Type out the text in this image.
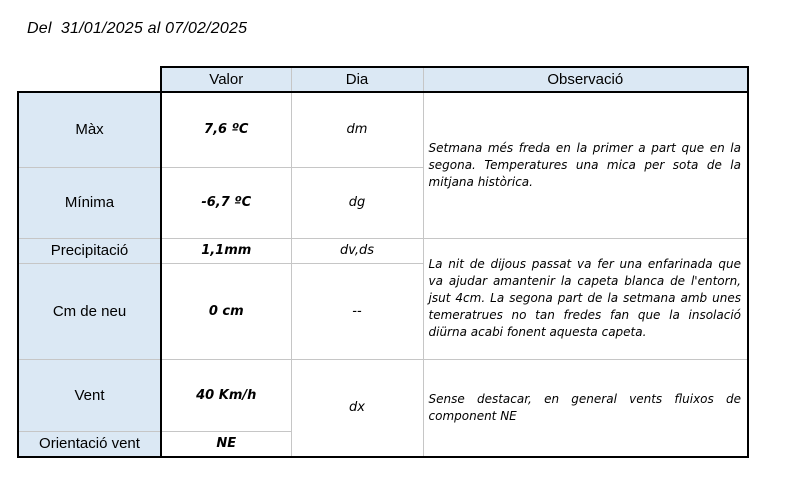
Del  31/01/2025 al 07/02/2025
	Valor	Dia	Observació
Màx	7,6 ºC	dm	Setmana més freda en la primer a part que en la segona. Temperatures una mica per sota de la mitjana històrica.
Mínima	-6,7 ºC	dg	
Precipitació	1,1mm	dv,ds	La nit de dijous passat va fer una enfarinada que va ajudar amantenir la capeta blanca de l'entorn, jsut 4cm. La segona part de la setmana amb unes temeratrues no tan fredes fan que la insolació diürna acabi fonent aquesta capeta.
Cm de neu	0 cm	--	
Vent	40 Km/h	dx	Sense destacar, en general vents fluixos de component NE
Orientació vent	NE		
